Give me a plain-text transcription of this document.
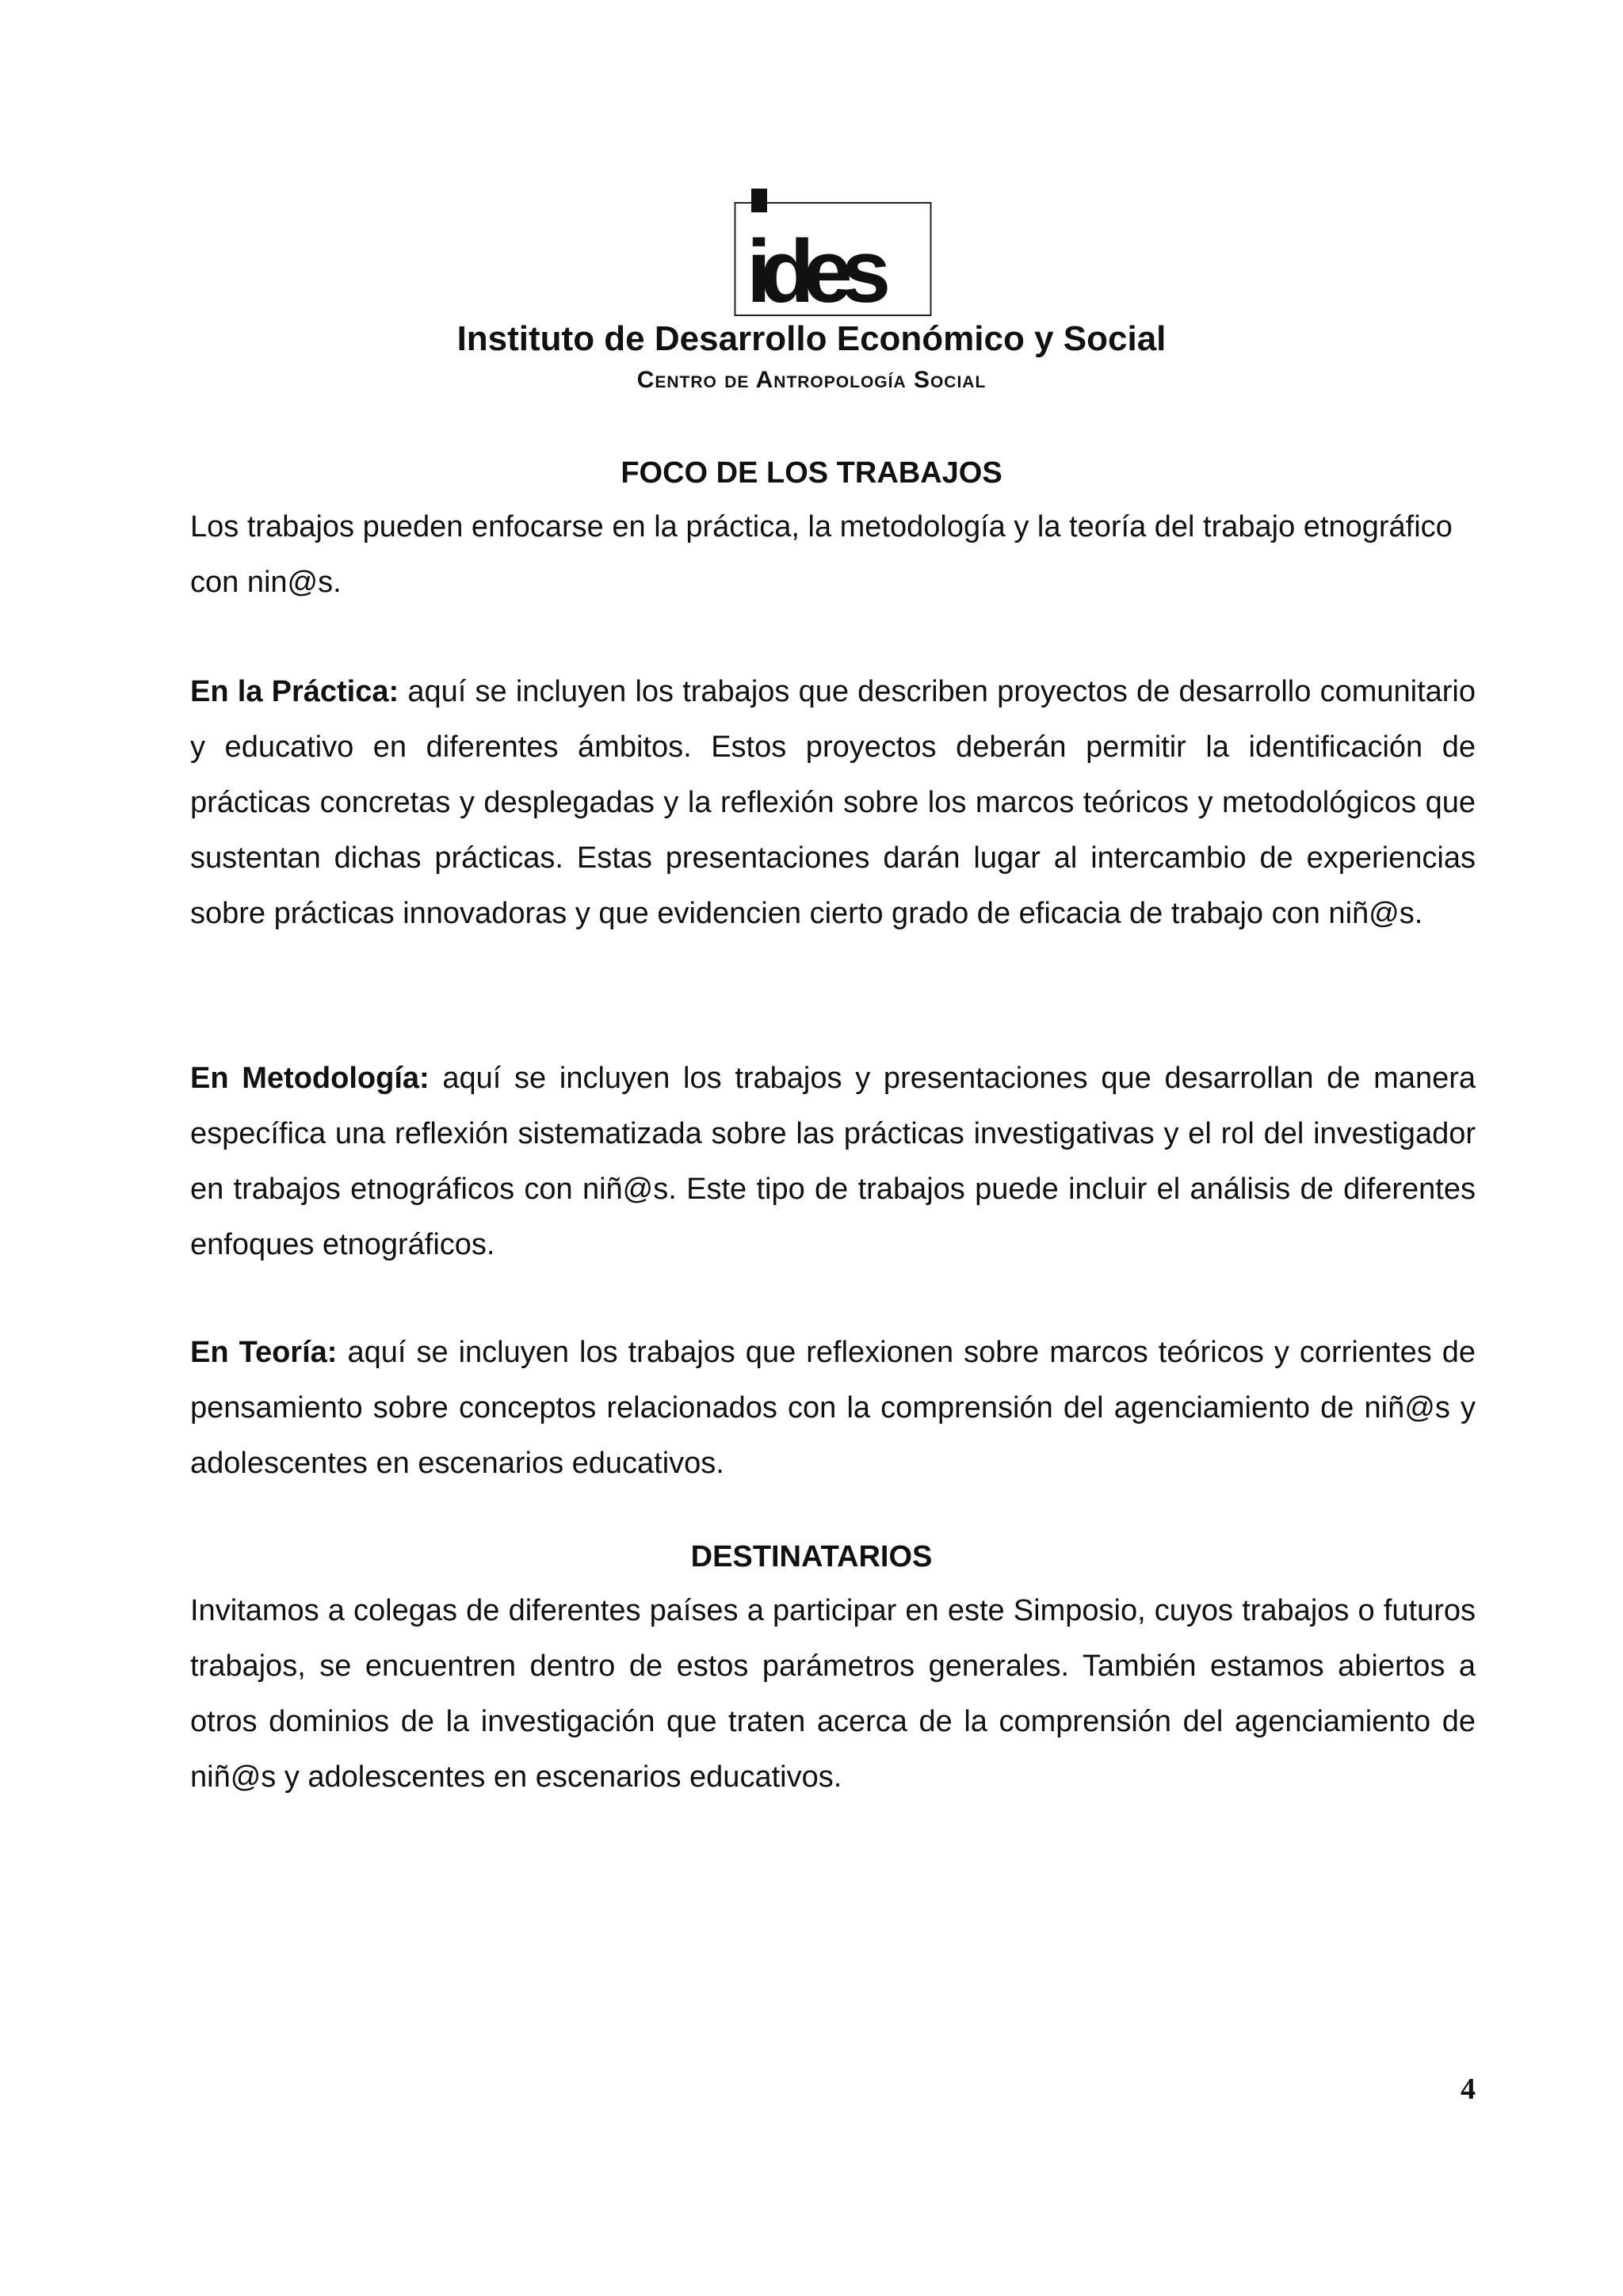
ides
Instituto de Desarrollo Económico y Social
Centro de Antropología Social
FOCO DE LOS TRABAJOS
Los trabajos pueden enfocarse en la práctica, la metodología y la teoría del trabajo etnográfico con nin@s.
En la Práctica: aquí se incluyen los trabajos que describen proyectos de desarrollo comunitario y educativo en diferentes ámbitos. Estos proyectos deberán permitir la identificación de prácticas concretas y desplegadas y la reflexión sobre los marcos teóricos y metodológicos que sustentan dichas prácticas. Estas presentaciones darán lugar al intercambio de experiencias sobre prácticas innovadoras y que evidencien cierto grado de eficacia de trabajo con niñ@s.
En Metodología: aquí se incluyen los trabajos y presentaciones que desarrollan de manera específica una reflexión sistematizada sobre las prácticas investigativas y el rol del investigador en trabajos etnográficos con niñ@s. Este tipo de trabajos puede incluir el análisis de diferentes enfoques etnográficos.
En Teoría: aquí se incluyen los trabajos que reflexionen sobre marcos teóricos y corrientes de pensamiento sobre conceptos relacionados con la comprensión del agenciamiento de niñ@s y adolescentes en escenarios educativos.
DESTINATARIOS
Invitamos a colegas de diferentes países a participar en este Simposio, cuyos trabajos o futuros trabajos, se encuentren dentro de estos parámetros generales. También estamos abiertos a otros dominios de la investigación que traten acerca de la comprensión del agenciamiento de niñ@s y adolescentes en escenarios educativos.
4
